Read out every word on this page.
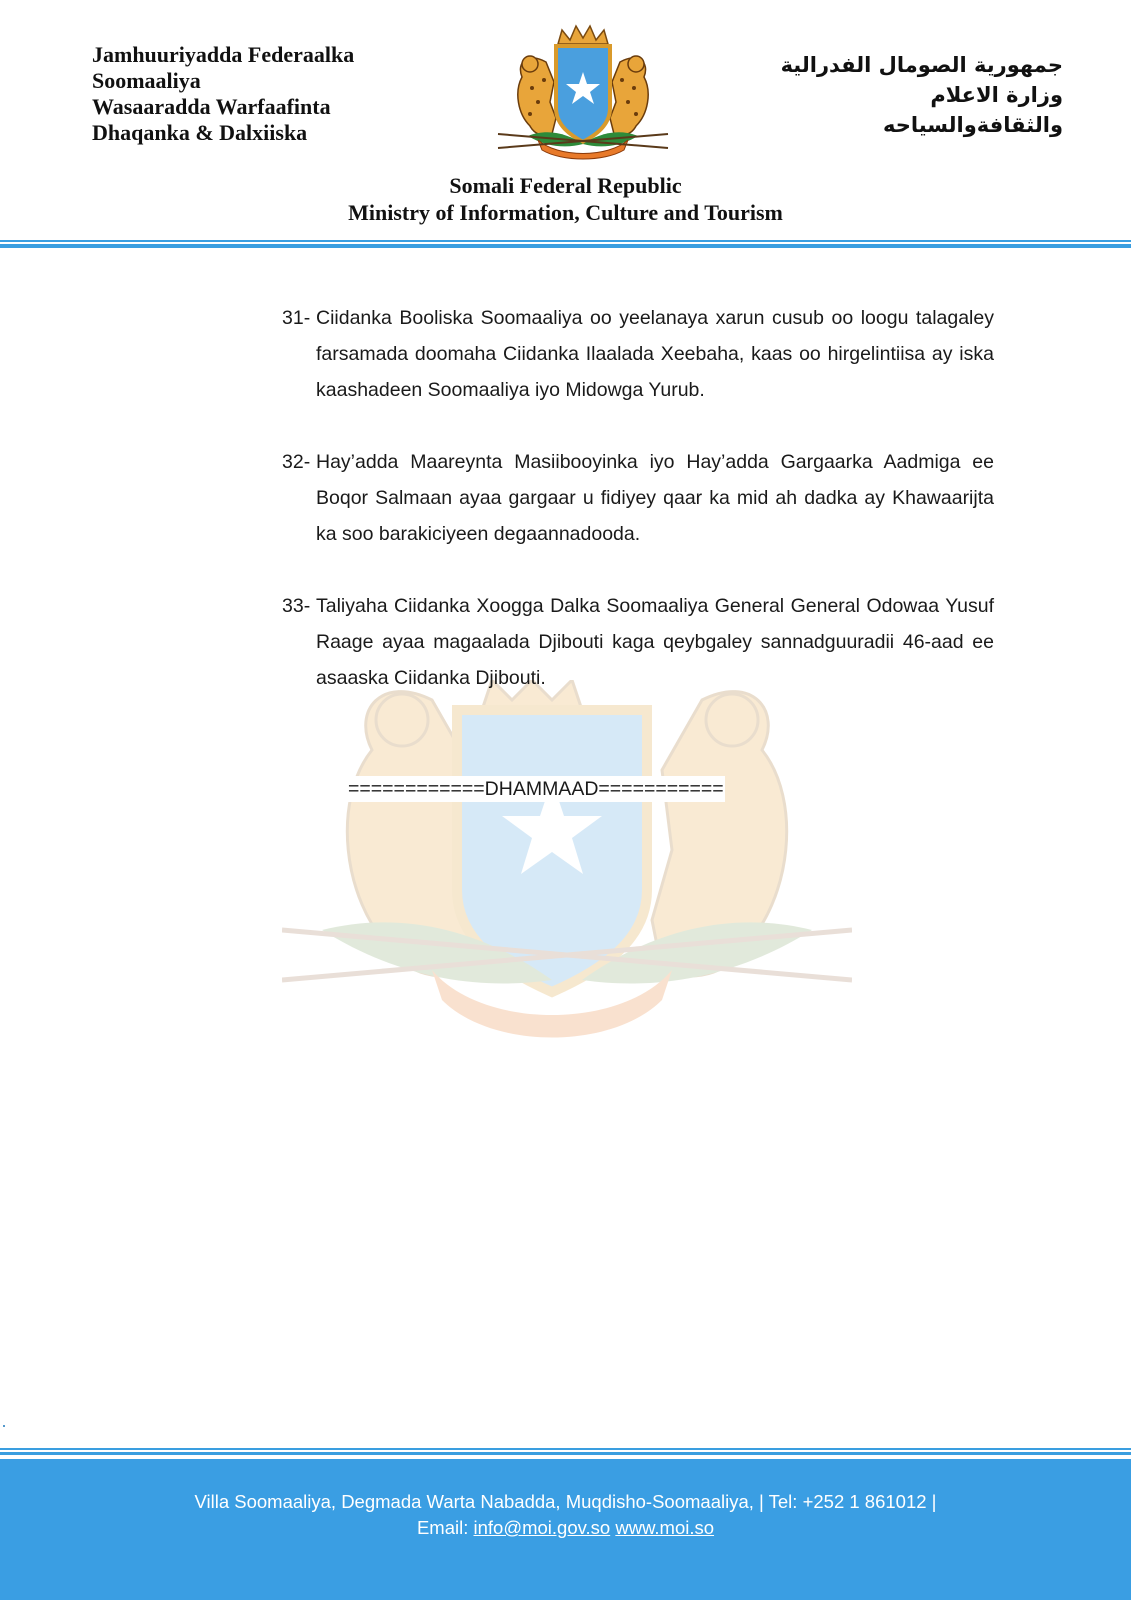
Jamhuuriyadda Federaalka
Soomaaliya
Wasaaradda Warfaafinta
Dhaqanka & Dalxiiska
جمهورية الصومال الفدرالية
وزارة الاعلام
والثقافةوالسياحه
Somali Federal Republic
Ministry of Information, Culture and Tourism
31- Ciidanka Booliska Soomaaliya oo yeelanaya xarun cusub oo loogu talagaley farsamada doomaha Ciidanka Ilaalada Xeebaha, kaas oo hirgelintiisa ay iska kaashadeen Soomaaliya iyo Midowga Yurub.
32- Hay’adda Maareynta Masiibooyinka iyo Hay’adda Gargaarka Aadmiga ee Boqor Salmaan ayaa gargaar u fidiyey qaar ka mid ah dadka ay Khawaarijta ka soo barakiciyeen degaannadooda.
33- Taliyaha Ciidanka Xoogga Dalka Soomaaliya General General Odowaa Yusuf Raage ayaa magaalada Djibouti kaga qeybgaley sannadguuradii 46-aad ee asaaska Ciidanka Djibouti.
============DHAMMAAD===========
Villa Soomaaliya, Degmada Warta Nabadda, Muqdisho-Soomaaliya, | Tel: +252 1 861012 |
Email: info@moi.gov.so www.moi.so
